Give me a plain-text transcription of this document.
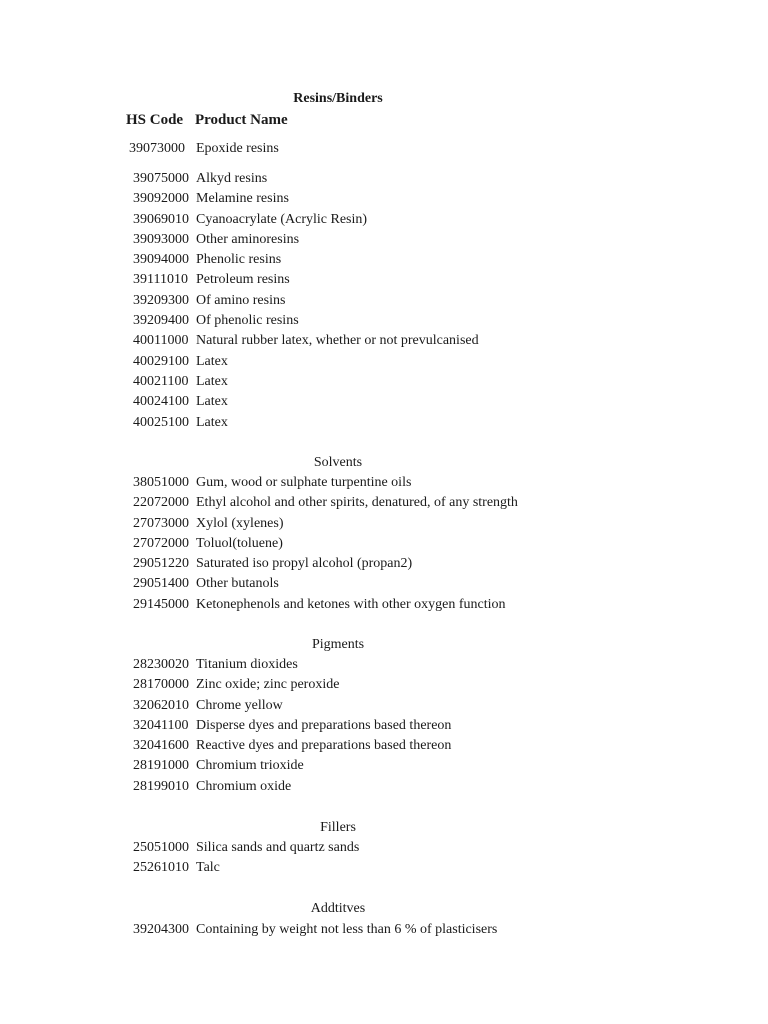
Resins/Binders
HS Code Product Name
39073000 Epoxide resins
39075000 Alkyd resins
39092000 Melamine resins
39069010 Cyanoacrylate (Acrylic Resin)
39093000 Other aminoresins
39094000 Phenolic resins
39111010 Petroleum resins
39209300 Of amino resins
39209400 Of phenolic resins
40011000 Natural rubber latex, whether or not prevulcanised
40029100 Latex
40021100 Latex
40024100 Latex
40025100 Latex
Solvents
38051000 Gum, wood or sulphate turpentine oils
22072000 Ethyl alcohol and other spirits, denatured, of any strength
27073000 Xylol (xylenes)
27072000 Toluol(toluene)
29051220 Saturated iso propyl alcohol (propan2)
29051400 Other butanols
29145000 Ketonephenols and ketones with other oxygen function
Pigments
28230020 Titanium dioxides
28170000 Zinc oxide; zinc peroxide
32062010 Chrome yellow
32041100 Disperse dyes and preparations based thereon
32041600 Reactive dyes and preparations based thereon
28191000 Chromium trioxide
28199010 Chromium oxide
Fillers
25051000 Silica sands and quartz sands
25261010 Talc
Addtitves
39204300 Containing by weight not less than 6 % of plasticisers
